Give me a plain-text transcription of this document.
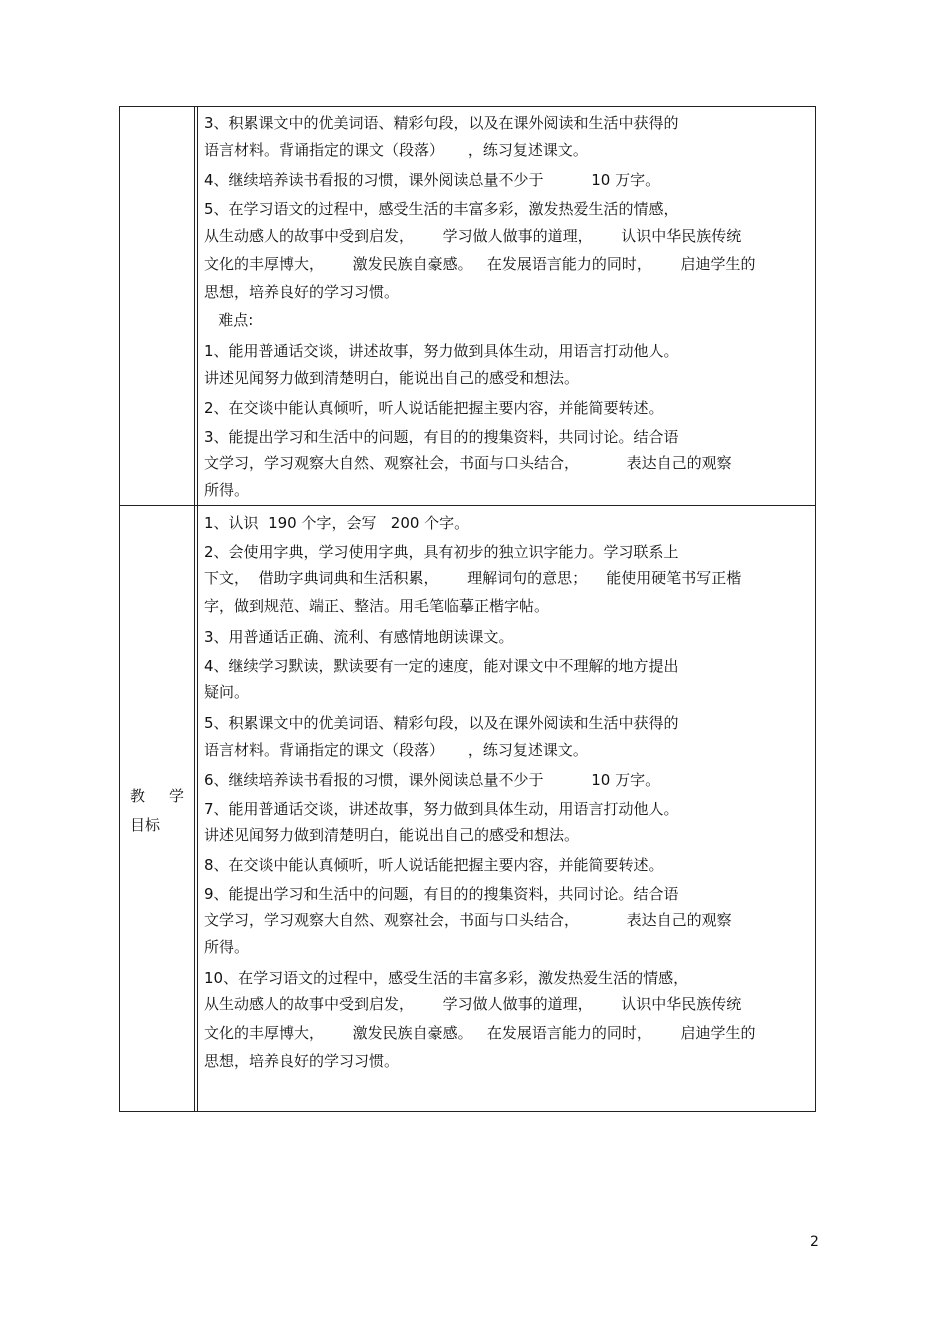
3、积累课文中的优美词语、精彩句段，以及在课外阅读和生活中获得的
语言材料。背诵指定的课文（段落）     ，练习复述课文。
4、继续培养读书看报的习惯，课外阅读总量不少于          10 万字。
5、在学习语文的过程中，感受生活的丰富多彩，激发热爱生活的情感，
从生动感人的故事中受到启发，      学习做人做事的道理，      认识中华民族传统
文化的丰厚博大，      激发民族自豪感。   在发展语言能力的同时，      启迪学生的
思想，培养良好的学习习惯。
难点:
1、能用普通话交谈，讲述故事，努力做到具体生动，用语言打动他人。
讲述见闻努力做到清楚明白，能说出自己的感受和想法。
2、在交谈中能认真倾听，听人说话能把握主要内容，并能简要转述。
3、能提出学习和生活中的问题，有目的的搜集资料，共同讨论。结合语
文学习，学习观察大自然、观察社会，书面与口头结合，          表达自己的观察
所得。
教 学
目标
1、认识  190 个字，会写   200 个字。
2、会使用字典，学习使用字典，具有初步的独立识字能力。学习联系上
下文，  借助字典词典和生活积累，      理解词句的意思；    能使用硬笔书写正楷
字，做到规范、端正、整洁。用毛笔临摹正楷字帖。
3、用普通话正确、流利、有感情地朗读课文。
4、继续学习默读，默读要有一定的速度，能对课文中不理解的地方提出
疑问。
5、积累课文中的优美词语、精彩句段，以及在课外阅读和生活中获得的
语言材料。背诵指定的课文（段落）     ，练习复述课文。
6、继续培养读书看报的习惯，课外阅读总量不少于          10 万字。
7、能用普通话交谈，讲述故事，努力做到具体生动，用语言打动他人。
讲述见闻努力做到清楚明白，能说出自己的感受和想法。
8、在交谈中能认真倾听，听人说话能把握主要内容，并能简要转述。
9、能提出学习和生活中的问题，有目的的搜集资料，共同讨论。结合语
文学习，学习观察大自然、观察社会，书面与口头结合，          表达自己的观察
所得。
10、在学习语文的过程中，感受生活的丰富多彩，激发热爱生活的情感，
从生动感人的故事中受到启发，      学习做人做事的道理，      认识中华民族传统
文化的丰厚博大，      激发民族自豪感。   在发展语言能力的同时，      启迪学生的
思想，培养良好的学习习惯。
2
